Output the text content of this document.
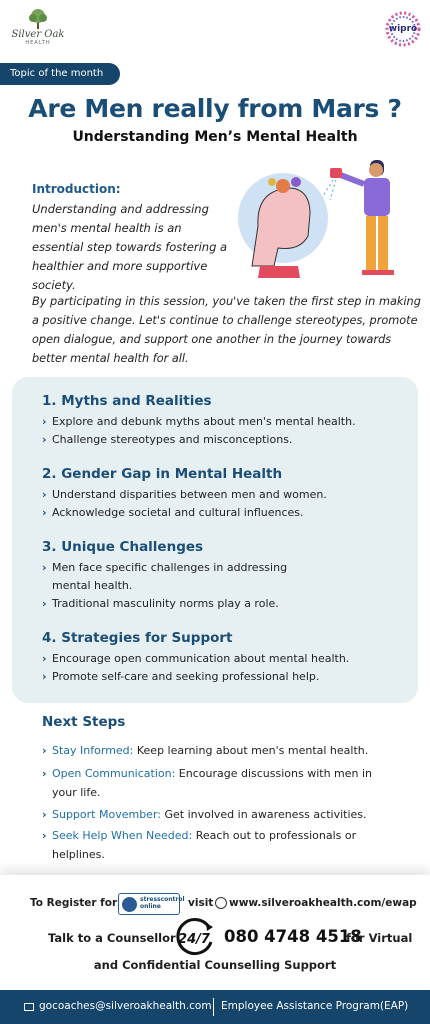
Silver Oak
HEALTH
wipro
Topic of the month
Are Men really from Mars ?
Understanding Men’s Mental Health
Introduction:
Understanding and addressing men's mental health is an essential step towards fostering a healthier and more supportive society.
By participating in this session, you've taken the first step in making a positive change. Let's continue to challenge stereotypes, promote open dialogue, and support one another in the journey towards better mental health for all.
1. Myths and Realities
› Explore and debunk myths about men's mental health.
› Challenge stereotypes and misconceptions.
2. Gender Gap in Mental Health
› Understand disparities between men and women.
› Acknowledge societal and cultural influences.
3. Unique Challenges
› Men face specific challenges in addressing mental health.
› Traditional masculinity norms play a role.
4. Strategies for Support
› Encourage open communication about mental health.
› Promote self-care and seeking professional help.
Next Steps
› Stay Informed: Keep learning about men's mental health.
› Open Communication: Encourage discussions with men in your life.
› Support Movember: Get involved in awareness activities.
› Seek Help When Needed: Reach out to professionals or helplines.
To Register for	stresscontrol
online	visit www.silveroakhealth.com/ewap
Talk to a Counsellor 24/7 080 4748 4518
for Virtual
and Confidential Counselling Support
gocoaches@silveroakhealth.com Employee Assistance Program(EAP)
